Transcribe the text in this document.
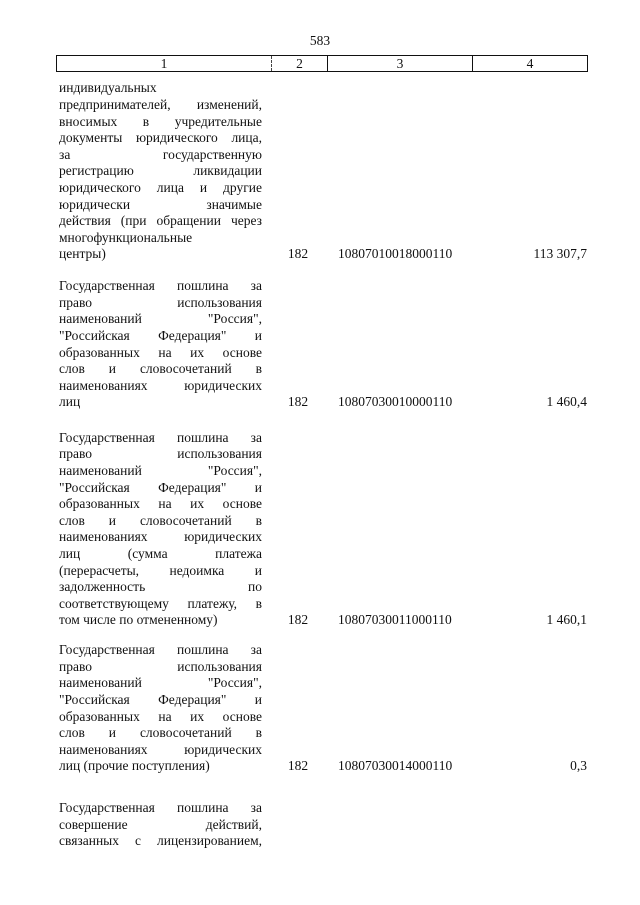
583
1	2	3	4
индивидуальных
предпринимателей, изменений,
вносимых в учредительные
документы юридического лица,
за государственную
регистрацию ликвидации
юридического лица и другие
юридически значимые
действия (при обращении через
многофункциональные
центры)	182 10807010018000110	113 307,7
Государственная пошлина за
право использования
наименований "Россия",
"Российская Федерация" и
образованных на их основе
слов и словосочетаний в
наименованиях юридических
лиц	182 10807030010000110	1 460,4
Государственная пошлина за
право использования
наименований "Россия",
"Российская Федерация" и
образованных на их основе
слов и словосочетаний в
наименованиях юридических
лиц (сумма платежа
(перерасчеты, недоимка и
задолженность по
соответствующему платежу, в
том числе по отмененному)	182 10807030011000110	1 460,1
Государственная пошлина за
право использования
наименований "Россия",
"Российская Федерация" и
образованных на их основе
слов и словосочетаний в
наименованиях юридических
лиц (прочие поступления)	182 10807030014000110	0,3
Государственная пошлина за
совершение действий,
связанных с лицензированием,
